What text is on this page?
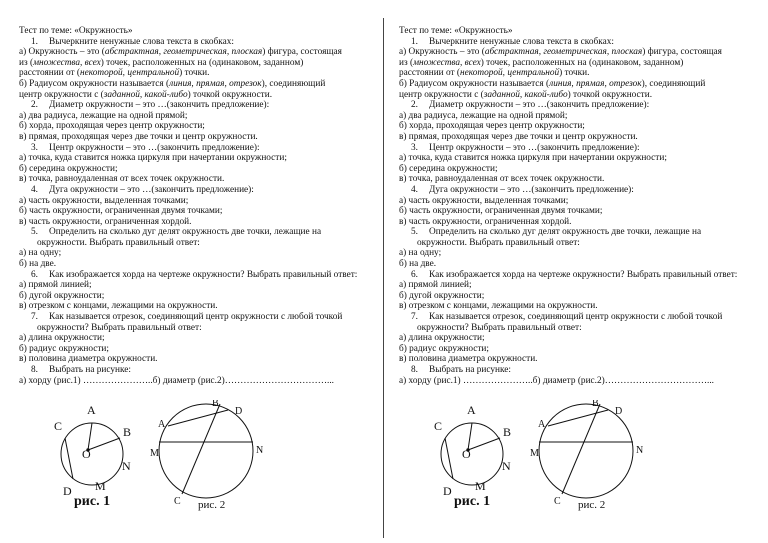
Тест по теме: «Окружность»
1. Вычеркните ненужные слова текста в скобках:
а) Окружность – это (абстрактная, геометрическая, плоская) фигура, состоящая
из (множества, всех) точек, расположенных на (одинаковом, заданном)
расстоянии от (некоторой, центральной) точки.
б) Радиусом окружности называется (линия, прямая, отрезок), соединяющий
центр окружности с (заданной, какой-либо) точкой окружности.
2. Диаметр окружности – это …(закончить предложение):
а) два радиуса, лежащие на одной прямой;
б) хорда, проходящая через центр окружности;
в) прямая, проходящая через две точки и центр окружности.
3. Центр окружности – это …(закончить предложение):
а) точка, куда ставится ножка циркуля при начертании окружности;
б) середина окружности;
в) точка, равноудаленная от всех точек окружности.
4. Дуга окружности – это …(закончить предложение):
а) часть окружности, выделенная точками;
б) часть окружности, ограниченная двумя точками;
в) часть окружности, ограниченная хордой.
5. Определить на сколько дуг делят окружность две точки, лежащие на
окружности. Выбрать правильный ответ:
а) на одну;
б) на две.
6. Как изображается хорда на чертеже окружности? Выбрать правильный ответ:
а) прямой линией;
б) дугой окружности;
в) отрезком с концами, лежащими на окружности.
7. Как называется отрезок, соединяющий центр окружности с любой точкой
окружности? Выбрать правильный ответ:
а) длина окружности;
б) радиус окружности;
в) половина диаметра окружности.
8. Выбрать на рисунке:
а) хорду (рис.1) …………………..б) диаметр (рис.2)……………………………...
Тест по теме: «Окружность»
1. Вычеркните ненужные слова текста в скобках:
а) Окружность – это (абстрактная, геометрическая, плоская) фигура, состоящая
из (множества, всех) точек, расположенных на (одинаковом, заданном)
расстоянии от (некоторой, центральной) точки.
б) Радиусом окружности называется (линия, прямая, отрезок), соединяющий
центр окружности с (заданной, какой-либо) точкой окружности.
2. Диаметр окружности – это …(закончить предложение):
а) два радиуса, лежащие на одной прямой;
б) хорда, проходящая через центр окружности;
в) прямая, проходящая через две точки и центр окружности.
3. Центр окружности – это …(закончить предложение):
а) точка, куда ставится ножка циркуля при начертании окружности;
б) середина окружности;
в) точка, равноудаленная от всех точек окружности.
4. Дуга окружности – это …(закончить предложение):
а) часть окружности, выделенная точками;
б) часть окружности, ограниченная двумя точками;
в) часть окружности, ограниченная хордой.
5. Определить на сколько дуг делят окружность две точки, лежащие на
окружности. Выбрать правильный ответ:
а) на одну;
б) на две.
6. Как изображается хорда на чертеже окружности? Выбрать правильный ответ:
а) прямой линией;
б) дугой окружности;
в) отрезком с концами, лежащими на окружности.
7. Как называется отрезок, соединяющий центр окружности с любой точкой
окружности? Выбрать правильный ответ:
а) длина окружности;
б) радиус окружности;
в) половина диаметра окружности.
8. Выбрать на рисунке:
а) хорду (рис.1) …………………..б) диаметр (рис.2)……………………………...
A
B
C
O
D M
N
рис. 1
A
B
D
M	N
C рис. 2
A
B
C
O
D M
N
рис. 1
A
B
D
M	N
C рис. 2
